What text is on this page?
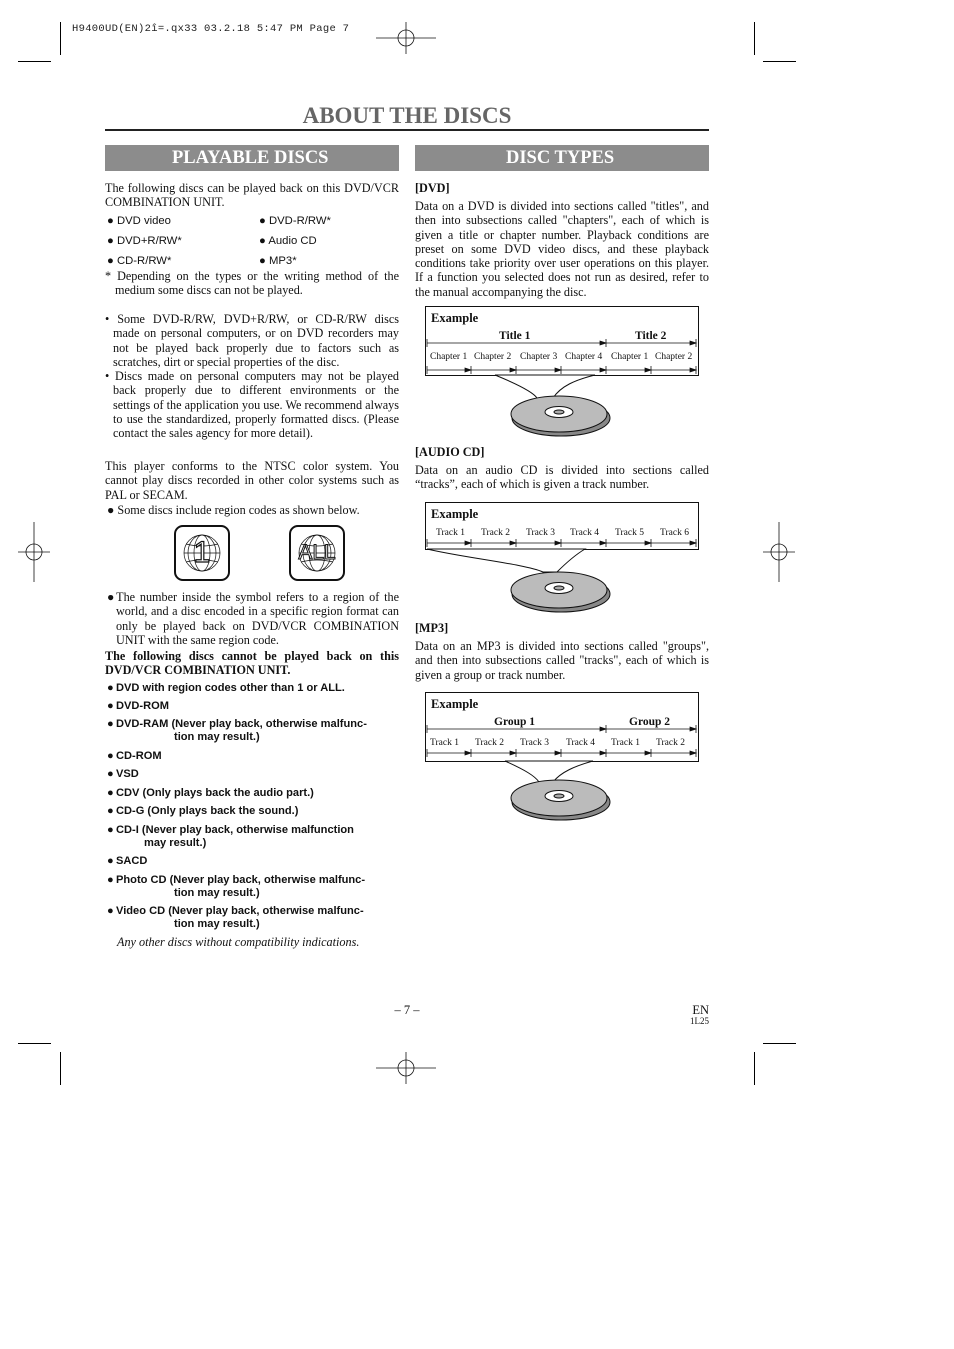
H9400UD(EN)2î=.qx33 03.2.18 5:47 PM Page 7
ABOUT THE DISCS
PLAYABLE DISCS
The following discs can be played back on this DVD/VCR COMBINATION UNIT.
● DVD video	● DVD-R/RW*
● DVD+R/RW*	● Audio CD
● CD-R/RW*	● MP3*
* Depending on the types or the writing method of the medium some discs can not be played.
• Some DVD-R/RW, DVD+R/RW, or CD-R/RW discs made on personal computers, or on DVD recorders may not be played back properly due to factors such as scratches, dirt or special properties of the disc.
• Discs made on personal computers may not be played back properly due to different environments or the settings of the application you use. We recommend always to use the standardized, properly formatted discs. (Please contact the sales agency for more detail).
This player conforms to the NTSC color system. You cannot play discs recorded in other color systems such as PAL or SECAM.
● Some discs include region codes as shown below.
1	ALL
●The number inside the symbol refers to a region of the world, and a disc encoded in a specific region format can only be played back on DVD/VCR COMBINATION UNIT with the same region code.
The following discs cannot be played back on this DVD/VCR COMBINATION UNIT.
● DVD with region codes other than 1 or ALL.
● DVD-ROM
● DVD-RAM (Never play back, otherwise malfunc-
tion may result.)
● CD-ROM
● VSD
● CDV (Only plays back the audio part.)
● CD-G (Only plays back the sound.)
● CD-I (Never play back, otherwise malfunction
may result.)
● SACD
● Photo CD (Never play back, otherwise malfunc-
tion may result.)
● Video CD (Never play back, otherwise malfunc-
tion may result.)
Any other discs without compatibility indications.
DISC TYPES
[DVD]
Data on a DVD is divided into sections called "titles", and then into subsections called "chapters", each of which is given a title or chapter number. Playback conditions are preset on some DVD video discs, and these playback conditions take priority over user operations on this player. If a function you selected does not run as desired, refer to the manual accompanying the disc.
Example
Title 1	Title 2
Chapter 1 Chapter 2 Chapter 3 Chapter 4 Chapter 1 Chapter 2
[AUDIO CD]
Data on an audio CD is divided into sections called “tracks”, each of which is given a track number.
Example
Track 1 Track 2 Track 3 Track 4 Track 5 Track 6
[MP3]
Data on an MP3 is divided into sections called "groups", and then into subsections called "tracks", each of which is given a group or track number.
Example
Group 1	Group 2
Track 1 Track 2 Track 3 Track 4 Track 1 Track 2
– 7 –	EN
1L25
